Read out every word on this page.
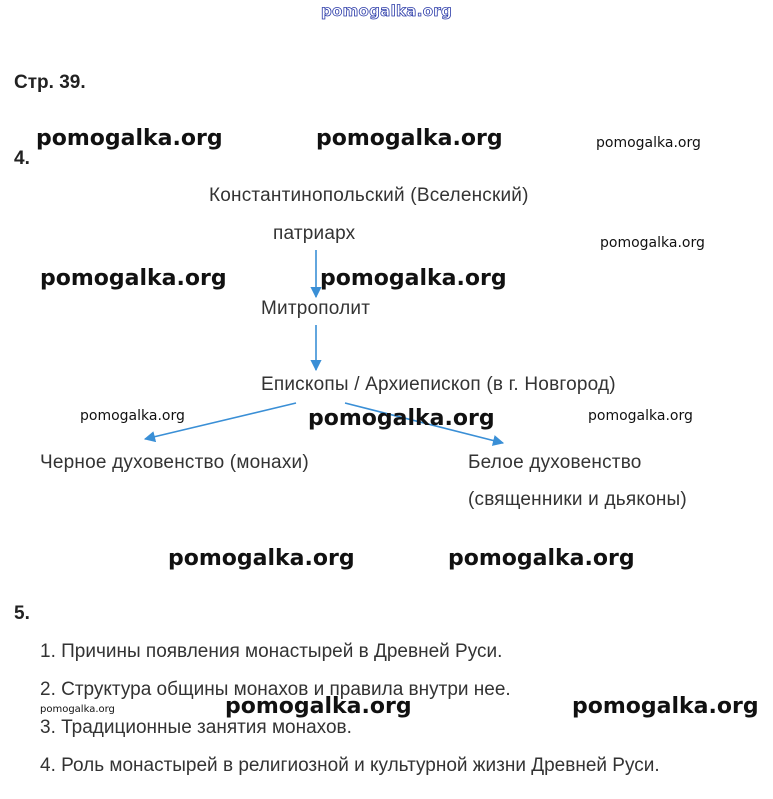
pomogalka.org
Стр. 39.
4.
Константинопольский (Вселенский)
патриарх
Митрополит
Епископы / Архиепископ (в г. Новгород)
Черное духовенство (монахи)	Белое духовенство
(священники и дьяконы)
pomogalka.org	pomogalka.org	pomogalka.org
pomogalka.org
pomogalka.org	pomogalka.org
pomogalka.org	pomogalka.org	pomogalka.org
pomogalka.org	pomogalka.org
5.
1. Причины появления монастырей в Древней Руси.
2. Структура общины монахов и правила внутри нее.
3. Традиционные занятия монахов.
4. Роль монастырей в религиозной и культурной жизни Древней Руси.
pomogalka.org	pomogalka.org	pomogalka.org
